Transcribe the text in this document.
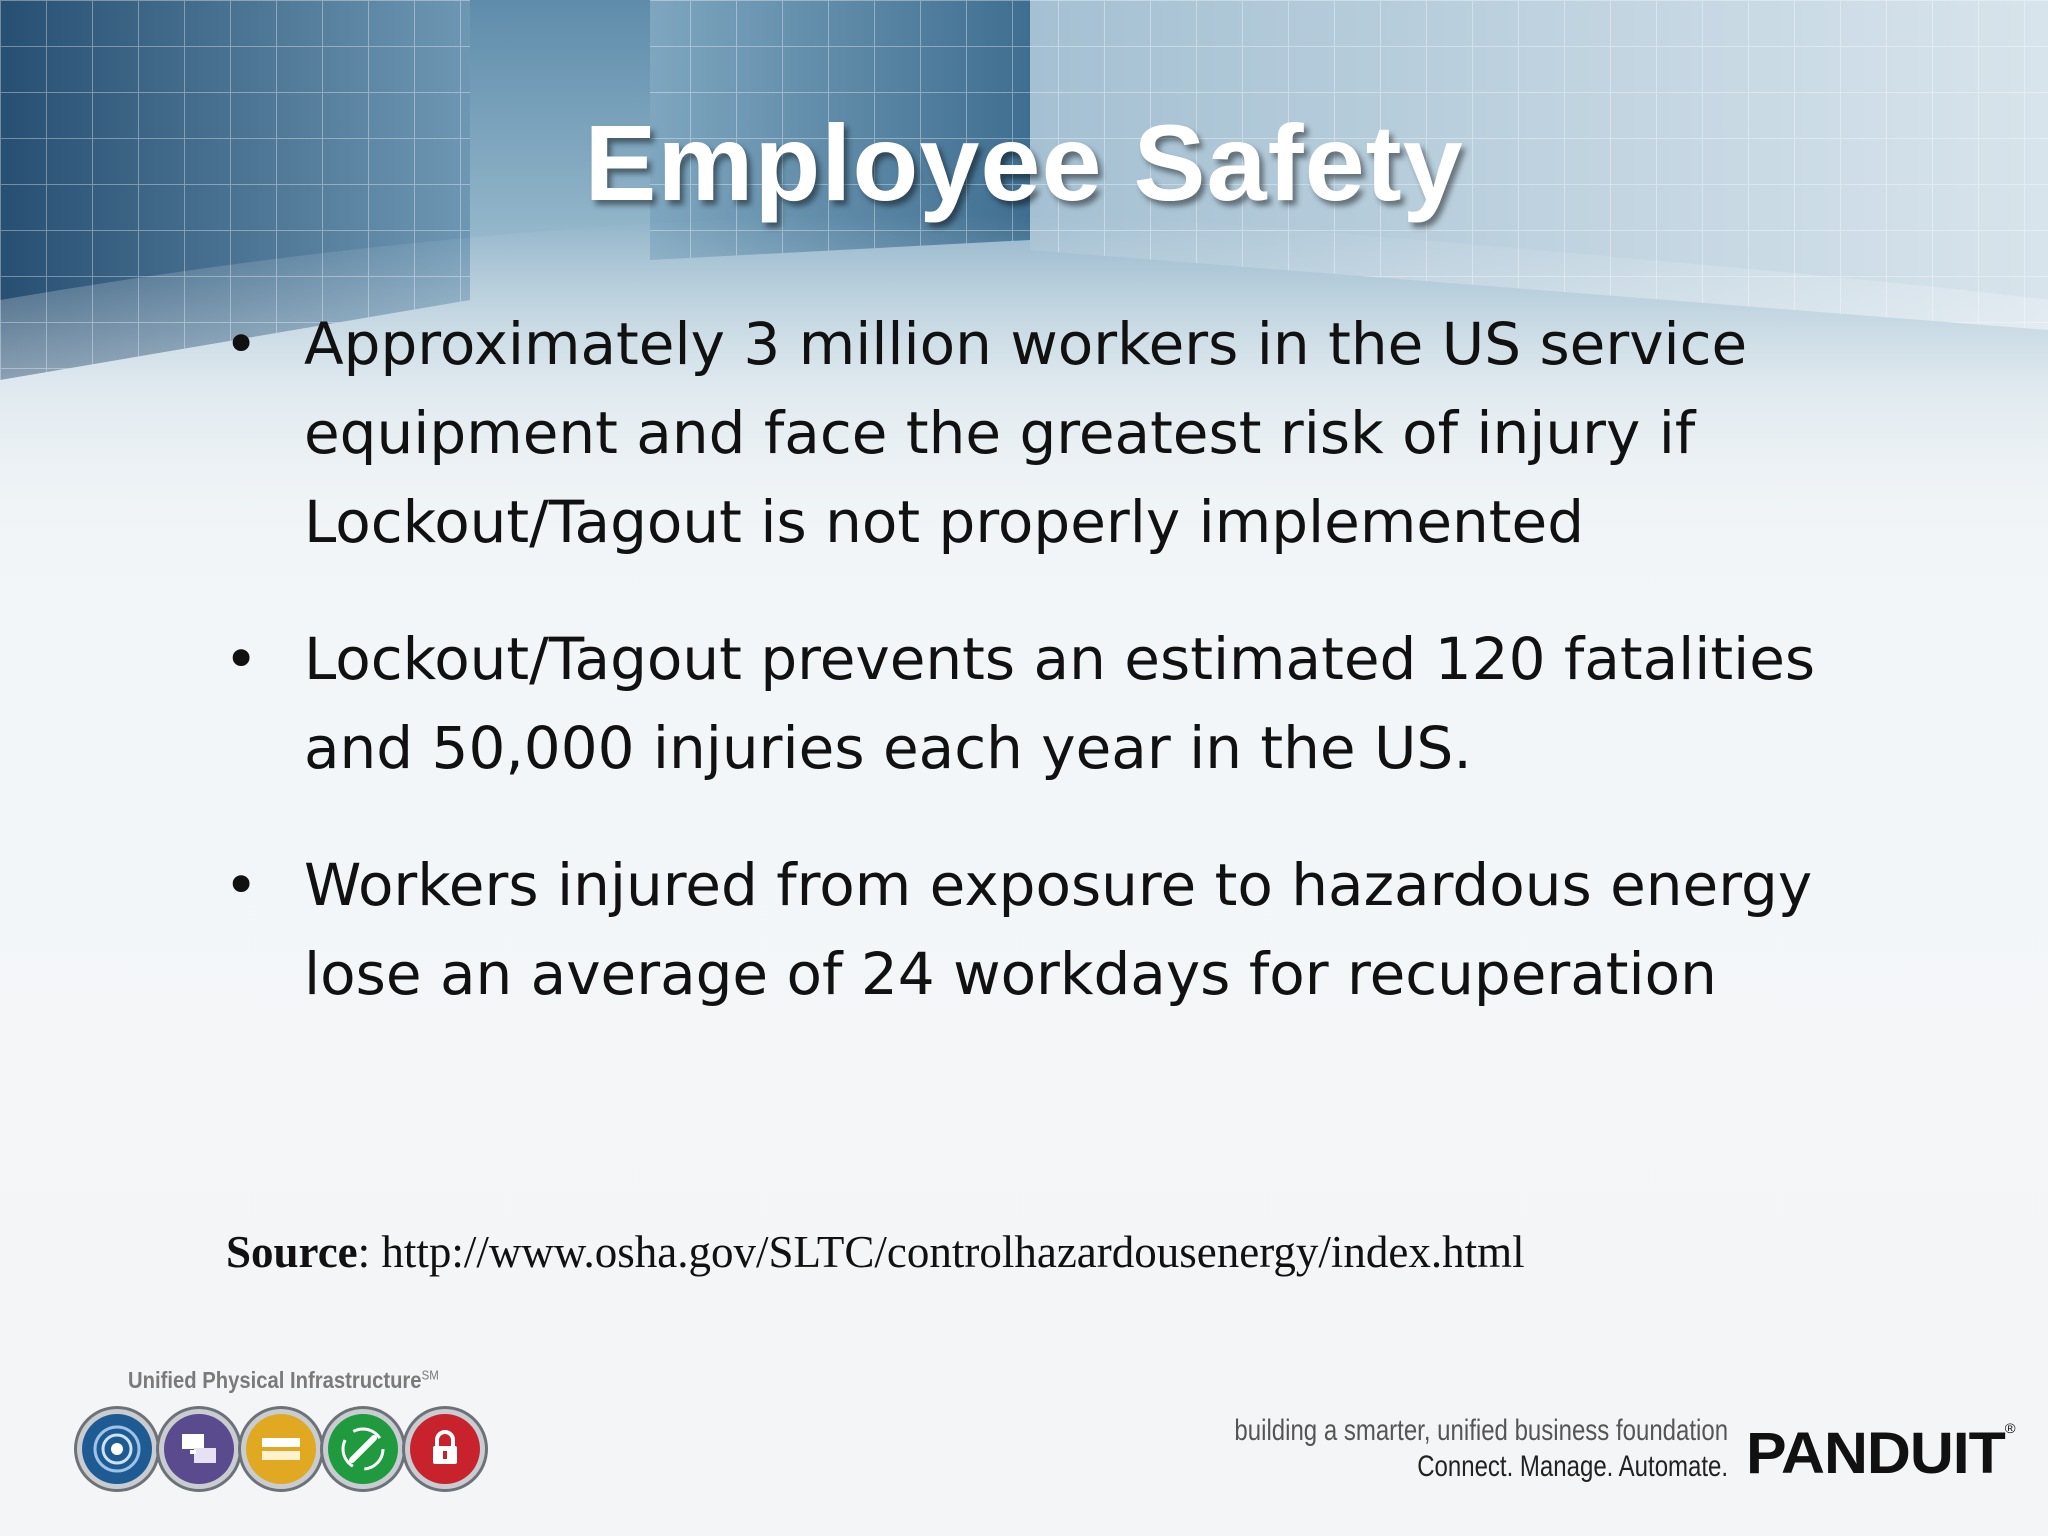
Employee Safety
• Approximately 3 million workers in the US service equipment and face the greatest risk of injury if Lockout/Tagout is not properly implemented
• Lockout/Tagout prevents an estimated 120 fatalities and 50,000 injuries each year in the US.
• Workers injured from exposure to hazardous energy lose an average of 24 workdays for recuperation
Source: http://www.osha.gov/SLTC/controlhazardousenergy/index.html
Unified Physical Infrastructure℠
building a smarter, unified business foundation
Connect. Manage. Automate. PANDUIT®
